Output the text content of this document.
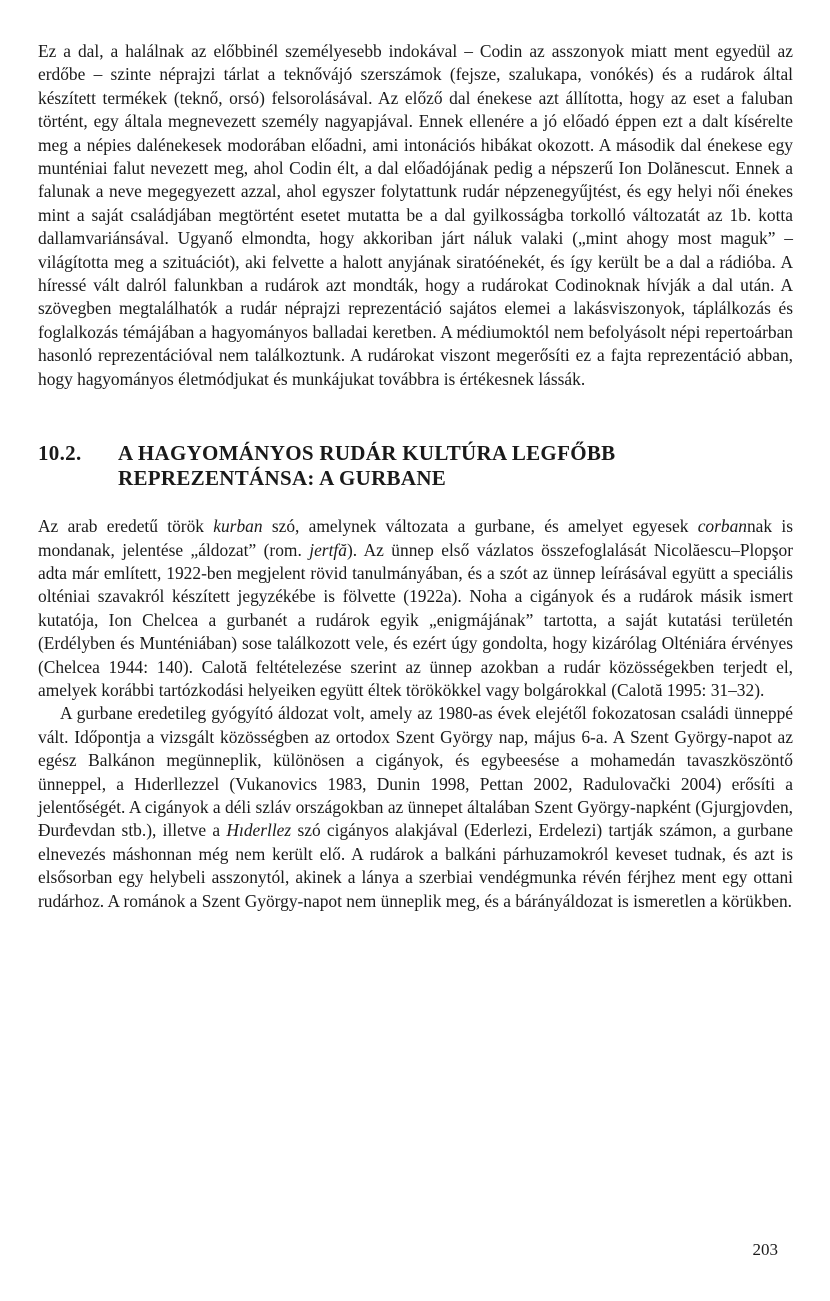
Ez a dal, a halálnak az előbbinél személyesebb indokával – Codin az asszonyok miatt ment egyedül az erdőbe – szinte néprajzi tárlat a teknővájó szerszámok (fejsze, szalukapa, vonókés) és a rudárok által készített termékek (teknő, orsó) felsorolásával. Az előző dal énekese azt állította, hogy az eset a faluban történt, egy általa megnevezett személy nagyapjával. Ennek ellenére a jó előadó éppen ezt a dalt kísérelte meg a népies dalénekesek modorában előadni, ami intonációs hibákat okozott. A második dal énekese egy munténiai falut nevezett meg, ahol Codin élt, a dal előadójának pedig a népszerű Ion Dolănescut. Ennek a falunak a neve megegyezett azzal, ahol egyszer folytattunk rudár népzenegyűjtést, és egy helyi női énekes mint a saját családjában megtörtént esetet mutatta be a dal gyilkosságba torkolló változatát az 1b. kotta dallamvariánsával. Ugyanő elmondta, hogy akkoriban járt náluk valaki („mint ahogy most maguk” – világította meg a szituációt), aki felvette a halott anyjának siratóénekét, és így került be a dal a rádióba. A híressé vált dalról falunkban a rudárok azt mondták, hogy a rudárokat Codinoknak hívják a dal után. A szövegben megtalálhatók a rudár néprajzi reprezentáció sajátos elemei a lakásviszonyok, táplálkozás és foglalkozás témájában a hagyományos balladai keretben. A médiumoktól nem befolyásolt népi repertoárban hasonló reprezentációval nem találkoztunk. A rudárokat viszont megerősíti ez a fajta reprezentáció abban, hogy hagyományos életmódjukat és munkájukat továbbra is értékesnek lássák.

10.2.	A HAGYOMÁNYOS RUDÁR KULTÚRA LEGFŐBB REPREZENTÁNSA: A GURBANE

Az arab eredetű török kurban szó, amelynek változata a gurbane, és amelyet egyesek corbannak is mondanak, jelentése „áldozat” (rom. jertfă). Az ünnep első vázlatos összefoglalását Nicolăescu–Plopşor adta már említett, 1922-ben megjelent rövid tanulmányában, és a szót az ünnep leírásával együtt a speciális olténiai szavakról készített jegyzékébe is fölvette (1922a). Noha a cigányok és a rudárok másik ismert kutatója, Ion Chelcea a gurbanét a rudárok egyik „enigmájának” tartotta, a saját kutatási területén (Erdélyben és Munténiában) sose találkozott vele, és ezért úgy gondolta, hogy kizárólag Olténiára érvényes (Chelcea 1944: 140). Calotă feltételezése szerint az ünnep azokban a rudár közösségekben terjedt el, amelyek korábbi tartózkodási helyeiken együtt éltek törökökkel vagy bolgárokkal (Calotă 1995: 31–32).

A gurbane eredetileg gyógyító áldozat volt, amely az 1980-as évek elejétől fokozatosan családi ünneppé vált. Időpontja a vizsgált közösségben az ortodox Szent György nap, május 6-a. A Szent György-napot az egész Balkánon megünneplik, különösen a cigányok, és egybeesése a mohamedán tavaszköszöntő ünneppel, a Hıderllezzel (Vukanovics 1983, Dunin 1998, Pettan 2002, Radulovački 2004) erősíti a jelentőségét. A cigányok a déli szláv országokban az ünnepet általában Szent György-napként (Gjurgjovden, Đurđevdan stb.), illetve a Hıderllez szó cigányos alakjával (Ederlezi, Erdelezi) tartják számon, a gurbane elnevezés máshonnan még nem került elő. A rudárok a balkáni párhuzamokról keveset tudnak, és azt is elsősorban egy helybeli asszonytól, akinek a lánya a szerbiai vendégmunka révén férjhez ment egy ottani rudárhoz. A románok a Szent György-napot nem ünneplik meg, és a bárányáldozat is ismeretlen a körükben.

203
